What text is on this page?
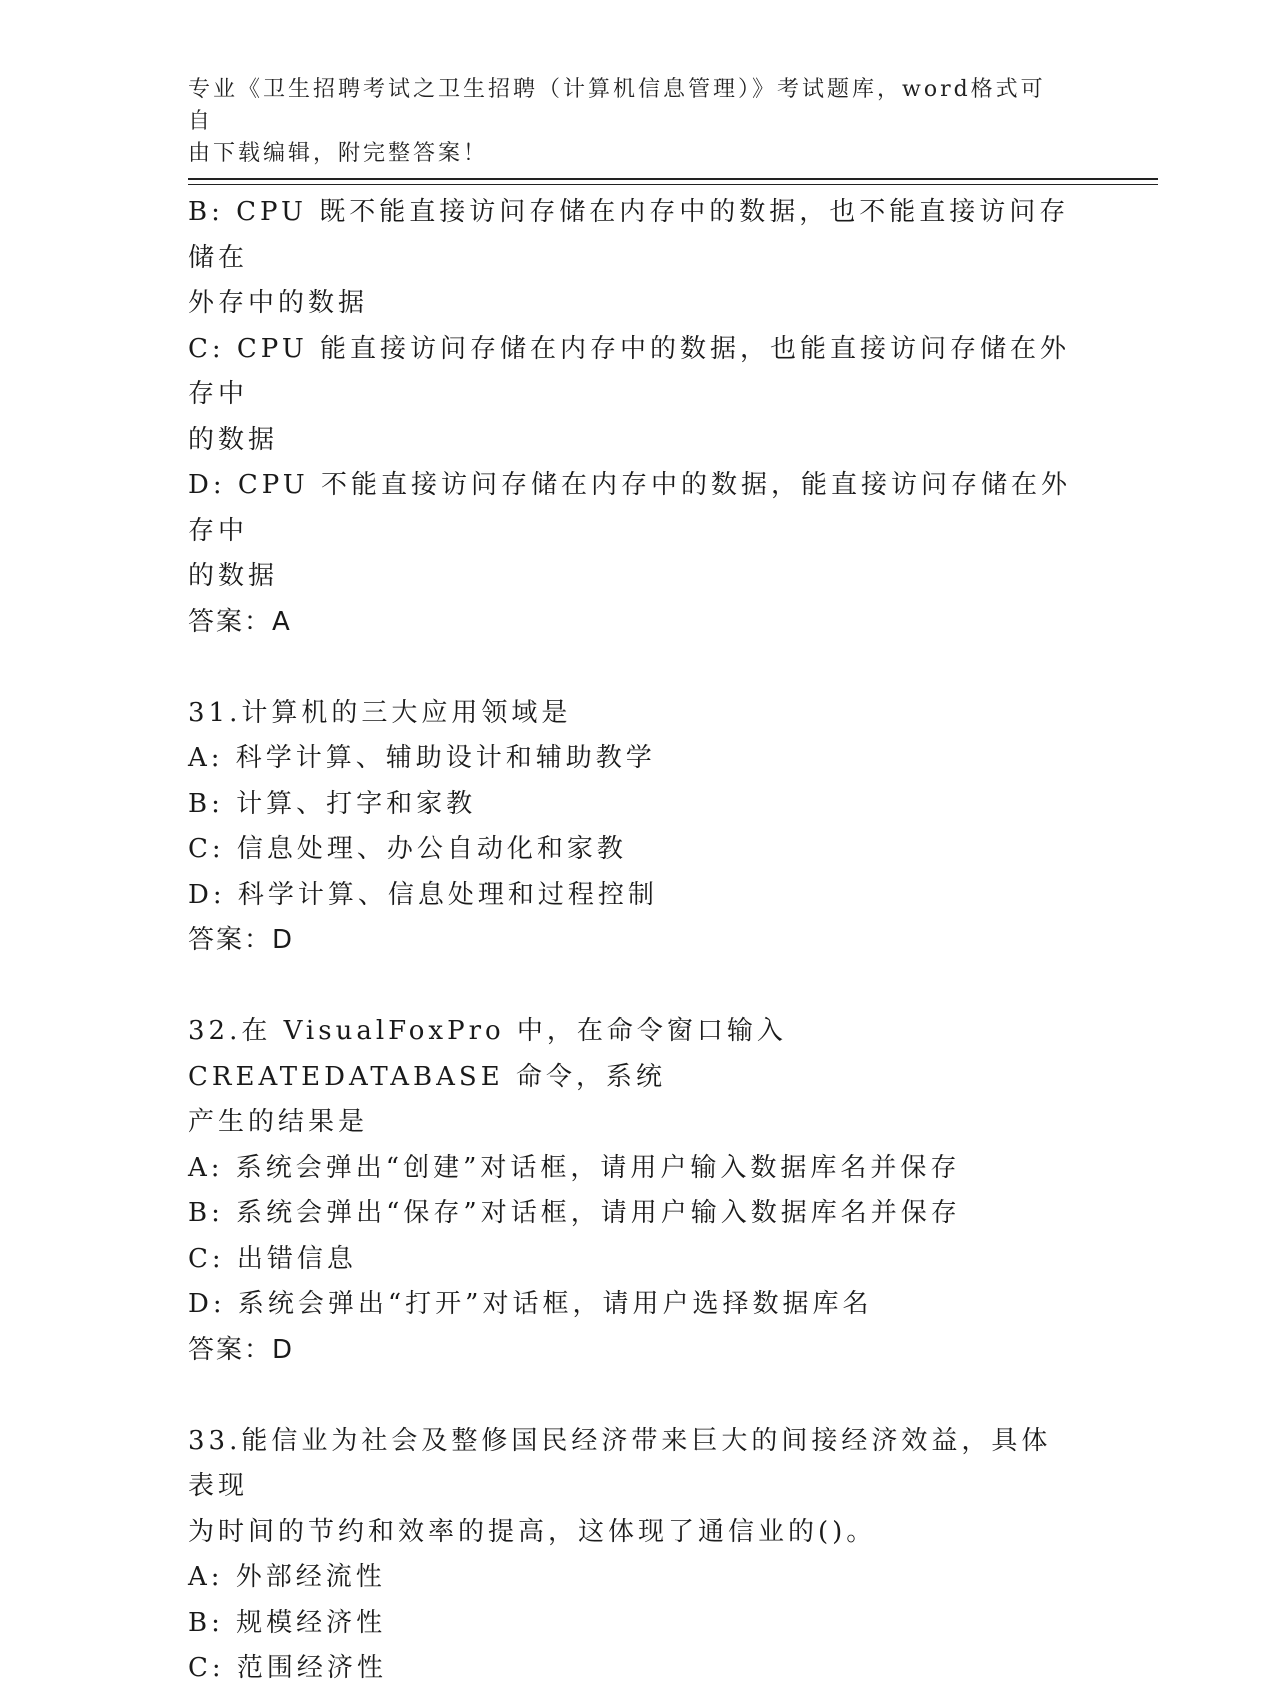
专业《卫生招聘考试之卫生招聘（计算机信息管理）》考试题库，word格式可自
由下载编辑，附完整答案！
B: CPU 既不能直接访问存储在内存中的数据，也不能直接访问存储在
外存中的数据
C: CPU 能直接访问存储在内存中的数据，也能直接访问存储在外存中
的数据
D: CPU 不能直接访问存储在内存中的数据，能直接访问存储在外存中
的数据
答案：A
31.计算机的三大应用领域是
A: 科学计算、辅助设计和辅助教学
B: 计算、打字和家教
C: 信息处理、办公自动化和家教
D: 科学计算、信息处理和过程控制
答案：D
32.在 VisualFoxPro 中，在命令窗口输入 CREATEDATABASE 命令，系统
产生的结果是
A: 系统会弹出“创建”对话框，请用户输入数据库名并保存
B: 系统会弹出“保存”对话框，请用户输入数据库名并保存
C: 出错信息
D: 系统会弹出“打开”对话框，请用户选择数据库名
答案：D
33.能信业为社会及整修国民经济带来巨大的间接经济效益，具体表现
为时间的节约和效率的提高，这体现了通信业的()。
A: 外部经流性
B: 规模经济性
C: 范围经济性
